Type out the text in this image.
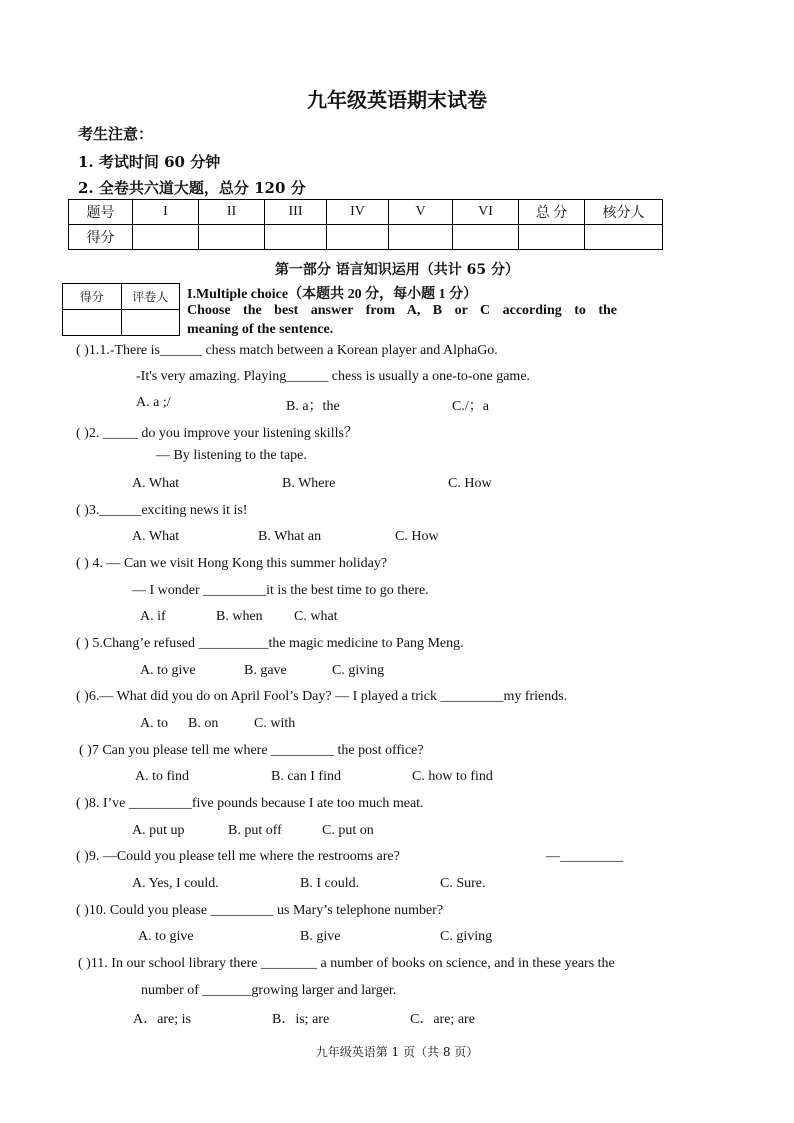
九年级英语期末试卷
考生注意：
1. 考试时间 60 分钟
2. 全卷共六道大题，总分 120 分
题号	I	II	III	IV	V	VI	总 分	核分人
得分								
第一部分 语言知识运用（共计 65 分）
得分	评卷人
	I.Multiple choice（本题共 20 分，每小题 1 分）
Choose the best answer from A, B or C according to the
meaning of the sentence.
( )1.1.-There is______ chess match between a Korean player and AlphaGo.
-It's very amazing. Playing______ chess is usually a one-to-one game.
A. a ;/	B. a；the	C./；a
( )2. _____ do you improve your listening skills？
— By listening to the tape.
A. What	B. Where	C. How
( )3.______exciting news it is!
A. What	B. What an	C. How
( ) 4. — Can we visit Hong Kong this summer holiday?
— I wonder _________it is the best time to go there.
A. if	B. when C. what
( ) 5.Chang’e refused __________the magic medicine to Pang Meng.
A. to give	B. gave	C. giving
( )6.— What did you do on April Fool’s Day? — I played a trick _________my friends.
A. to B. on	C. with
( )7 Can you please tell me where _________ the post office?
A. to find	B. can I find	C. how to find
( )8. I’ve _________five pounds because I ate too much meat.
A. put up	B. put off	C. put on
( )9. —Could you please tell me where the restrooms are?	—_________
A. Yes, I could.	B. I could.	C. Sure.
( )10. Could you please _________ us Mary’s telephone number?
A. to give	B. give	C. giving
( )11. In our school library there ________ a number of books on science, and in these years the
number of _______growing larger and larger.
A．are; is	B．is; are	C．are; are
九年级英语第 1 页（共 8 页）
